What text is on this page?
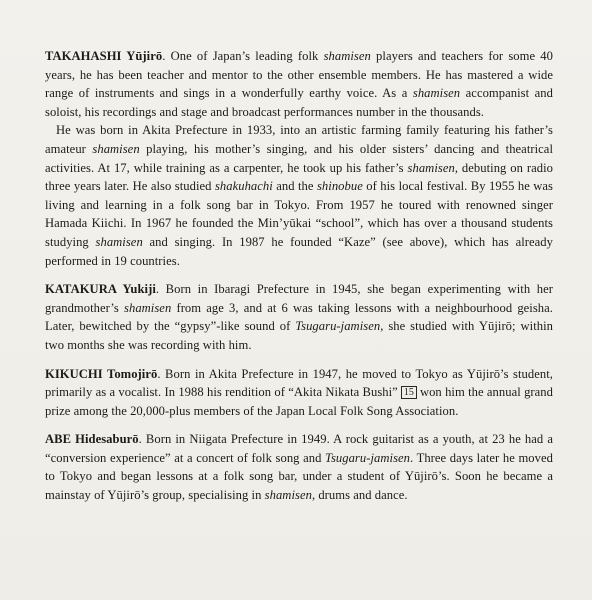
TAKAHASHI Yūjirō. One of Japan’s leading folk shamisen players and teachers for some 40 years, he has been teacher and mentor to the other ensemble members. He has mastered a wide range of instruments and sings in a wonderfully earthy voice. As a shamisen accompanist and soloist, his recordings and stage and broadcast performances number in the thousands.

He was born in Akita Prefecture in 1933, into an artistic farming family featuring his father’s amateur shamisen playing, his mother’s singing, and his older sisters’ dancing and theatrical activities. At 17, while training as a carpenter, he took up his father’s shamisen, debuting on radio three years later. He also studied shakuhachi and the shinobue of his local festival. By 1955 he was living and learning in a folk song bar in Tokyo. From 1957 he toured with renowned singer Hamada Kiichi. In 1967 he founded the Min’yūkai “school”, which has over a thousand students studying shamisen and singing. In 1987 he founded “Kaze” (see above), which has already performed in 19 countries.

KATAKURA Yukiji. Born in Ibaragi Prefecture in 1945, she began experimenting with her grandmother’s shamisen from age 3, and at 6 was taking lessons with a neighbourhood geisha. Later, bewitched by the “gypsy”-like sound of Tsugaru-jamisen, she studied with Yūjirō; within two months she was recording with him.

KIKUCHI Tomojirō. Born in Akita Prefecture in 1947, he moved to Tokyo as Yūjirō’s student, primarily as a vocalist. In 1988 his rendition of “Akita Nikata Bushi” 15 won him the annual grand prize among the 20,000-plus members of the Japan Local Folk Song Association.

ABE Hidesaburō. Born in Niigata Prefecture in 1949. A rock guitarist as a youth, at 23 he had a “conversion experience” at a concert of folk song and Tsugaru-jamisen. Three days later he moved to Tokyo and began lessons at a folk song bar, under a student of Yūjirō’s. Soon he became a mainstay of Yūjirō’s group, specialising in shamisen, drums and dance.
